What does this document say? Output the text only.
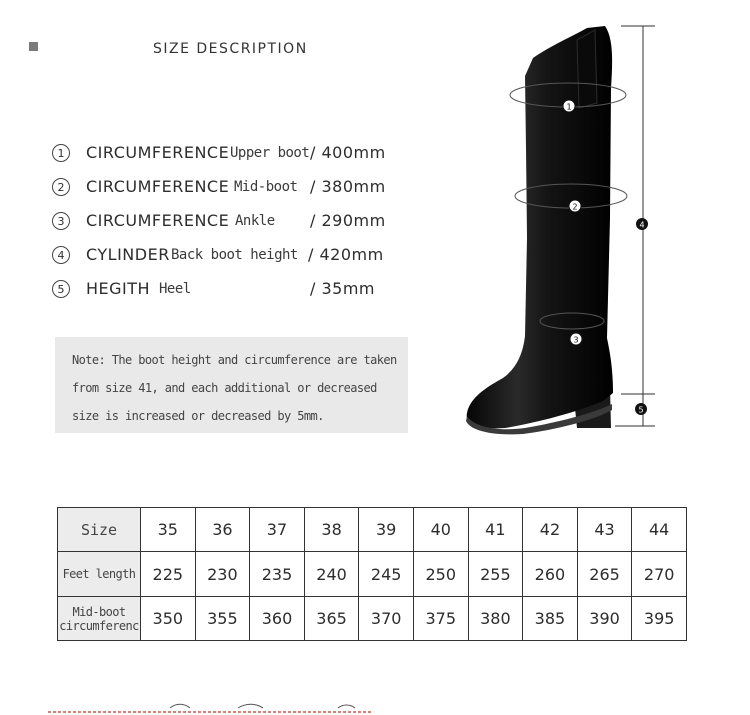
SIZE DESCRIPTION
1	CIRCUMFERENCE Upper boot / 400mm
2	CIRCUMFERENCE Mid-boot / 380mm
3	CIRCUMFERENCE Ankle / 290mm
4	CYLINDER Back boot height / 420mm
5	HEGITH Heel	/ 35mm
Note: The boot height and circumference are taken from size 41, and each additional or decreased size is increased or decreased by 5mm.
1
2
3
4
5
Size	35	36	37	38	39	40	41	42	43	44
Feet length	225	230	235	240	245	250	255	260	265	270
Mid-boot
circumferenc	350	355	360	365	370	375	380	385	390	395
